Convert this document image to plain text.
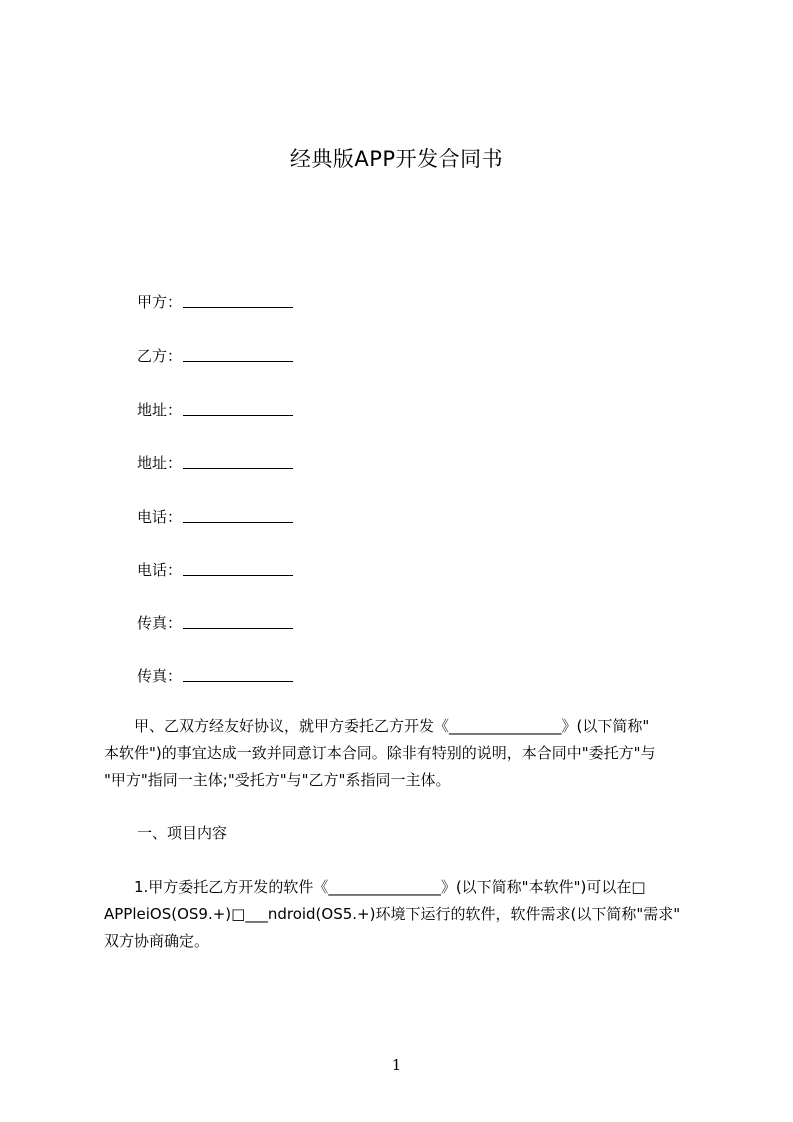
经典版APP开发合同书
甲方：
乙方：
地址：
地址：
电话：
电话：
传真：
传真：
　　甲、乙双方经友好协议，就甲方委托乙方开发《_______________》(以下简称"
本软件")的事宜达成一致并同意订本合同。除非有特别的说明，本合同中"委托方"与
"甲方"指同一主体;"受托方"与"乙方"系指同一主体。
一、项目内容
　　1.甲方委托乙方开发的软件《_______________》(以下简称"本软件")可以在□
APPleiOS(OS9.+)□___ndroid(OS5.+)环境下运行的软件，软件需求(以下简称"需求"
双方协商确定。
1
